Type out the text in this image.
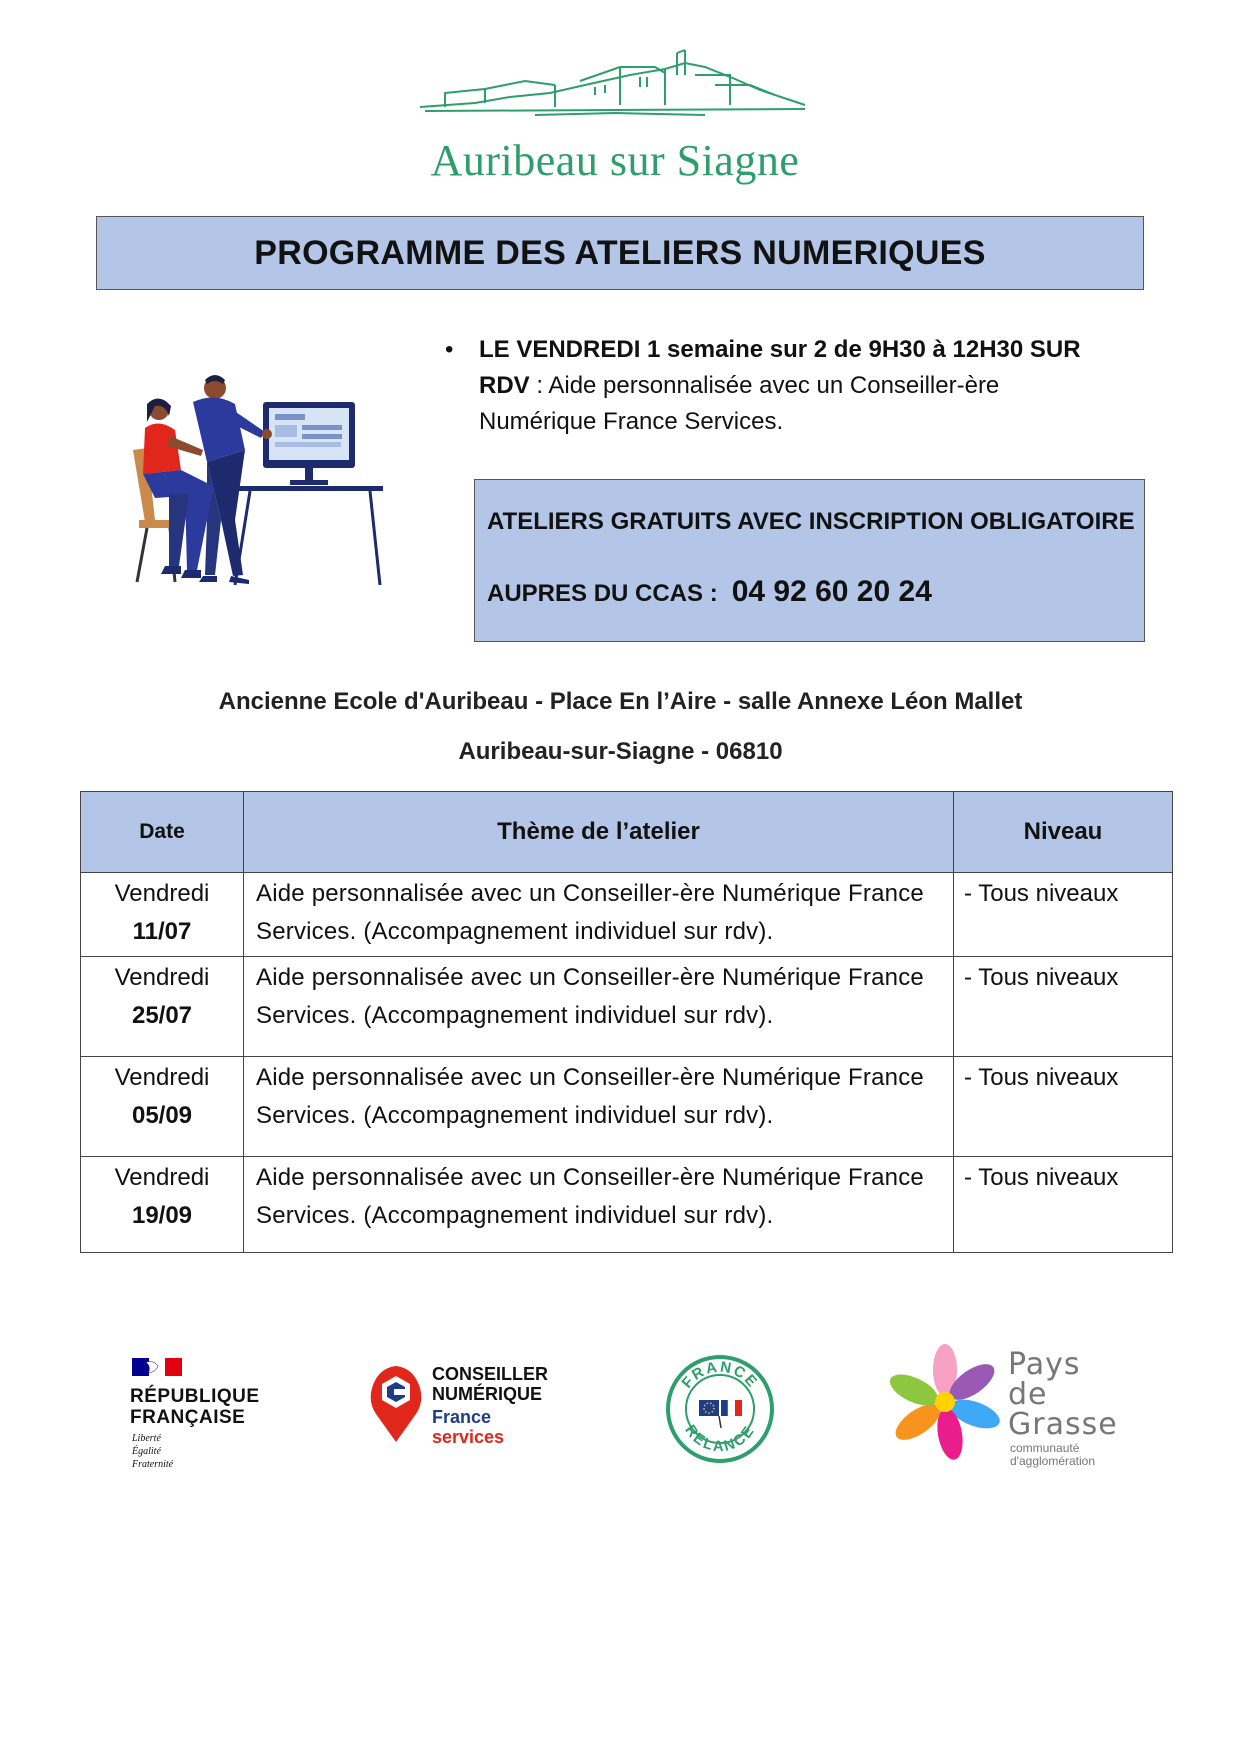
Auribeau sur Siagne
PROGRAMME DES ATELIERS NUMERIQUES
• LE VENDREDI 1 semaine sur 2 de 9H30 à 12H30 SUR RDV : Aide personnalisée avec un Conseiller-ère Numérique France Services.
ATELIERS GRATUITS AVEC INSCRIPTION OBLIGATOIRE
AUPRES DU CCAS : 04 92 60 20 24
Ancienne Ecole d'Auribeau - Place En l’Aire - salle Annexe Léon Mallet
Auribeau-sur-Siagne - 06810
Date	Thème de l’atelier	Niveau

Vendredi
11/07	Aide personnalisée avec un Conseiller-ère Numérique France Services. (Accompagnement individuel sur rdv).	- Tous niveaux

Vendredi
25/07	Aide personnalisée avec un Conseiller-ère Numérique France Services. (Accompagnement individuel sur rdv).	- Tous niveaux

Vendredi
05/09	Aide personnalisée avec un Conseiller-ère Numérique France Services. (Accompagnement individuel sur rdv).	- Tous niveaux

Vendredi
19/09	Aide personnalisée avec un Conseiller-ère Numérique France Services. (Accompagnement individuel sur rdv).	- Tous niveaux
RÉPUBLIQUE
FRANÇAISE
Liberté
Égalité
Fraternité
CONSEILLER
NUMÉRIQUE
France
services
FRANCE
RELANCE
Pays
de
Grasse
communauté
d'agglomération
